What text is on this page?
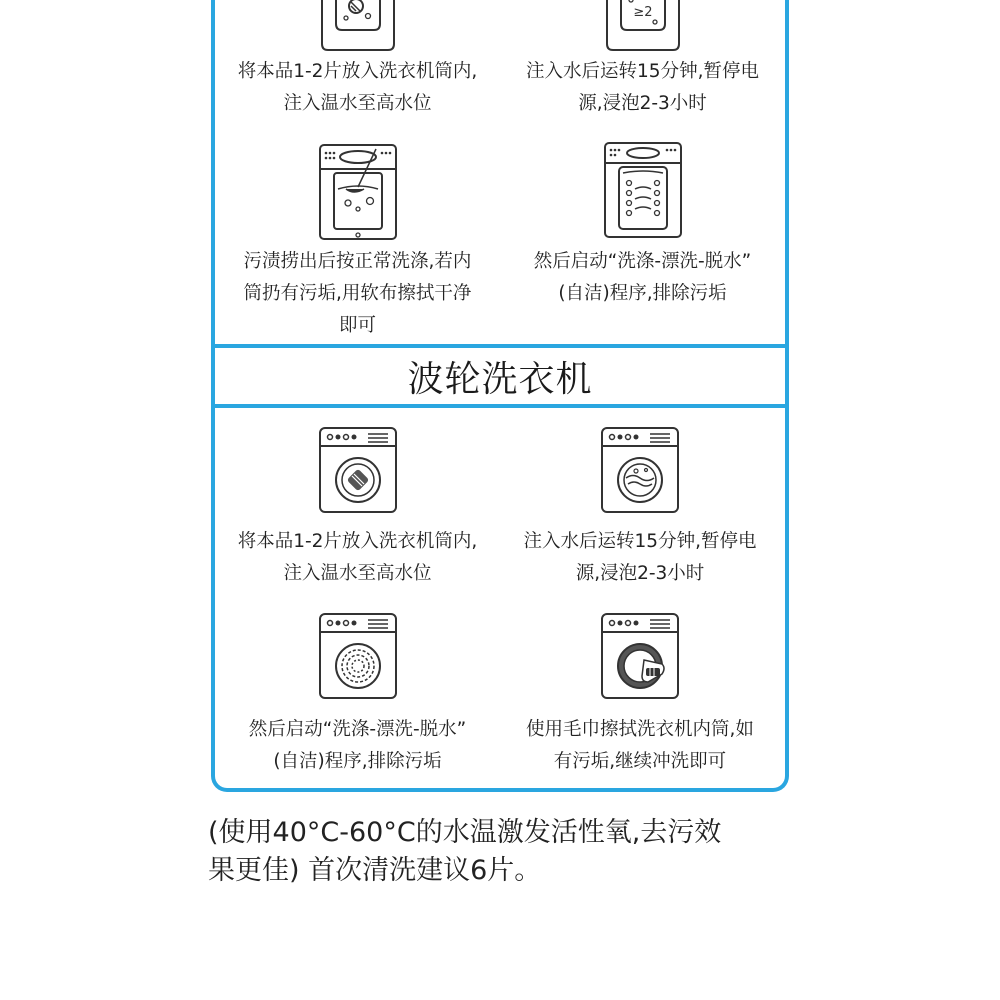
将本品1-2片放入洗衣机筒内,
注入温水至高水位
≥2
注入水后运转15分钟,暂停电
源,浸泡2-3小时
污渍捞出后按正常洗涤,若内
筒扔有污垢,用软布擦拭干净
即可
然后启动“洗涤-漂洗-脱水”
(自洁)程序,排除污垢
波轮洗衣机
将本品1-2片放入洗衣机筒内,
注入温水至高水位
注入水后运转15分钟,暂停电
源,浸泡2-3小时
然后启动“洗涤-漂洗-脱水”
(自洁)程序,排除污垢
使用毛巾擦拭洗衣机内筒,如
有污垢,继续冲洗即可
(使用40°C-60°C的水温激发活性氧,去污效
果更佳) 首次清洗建议6片。
